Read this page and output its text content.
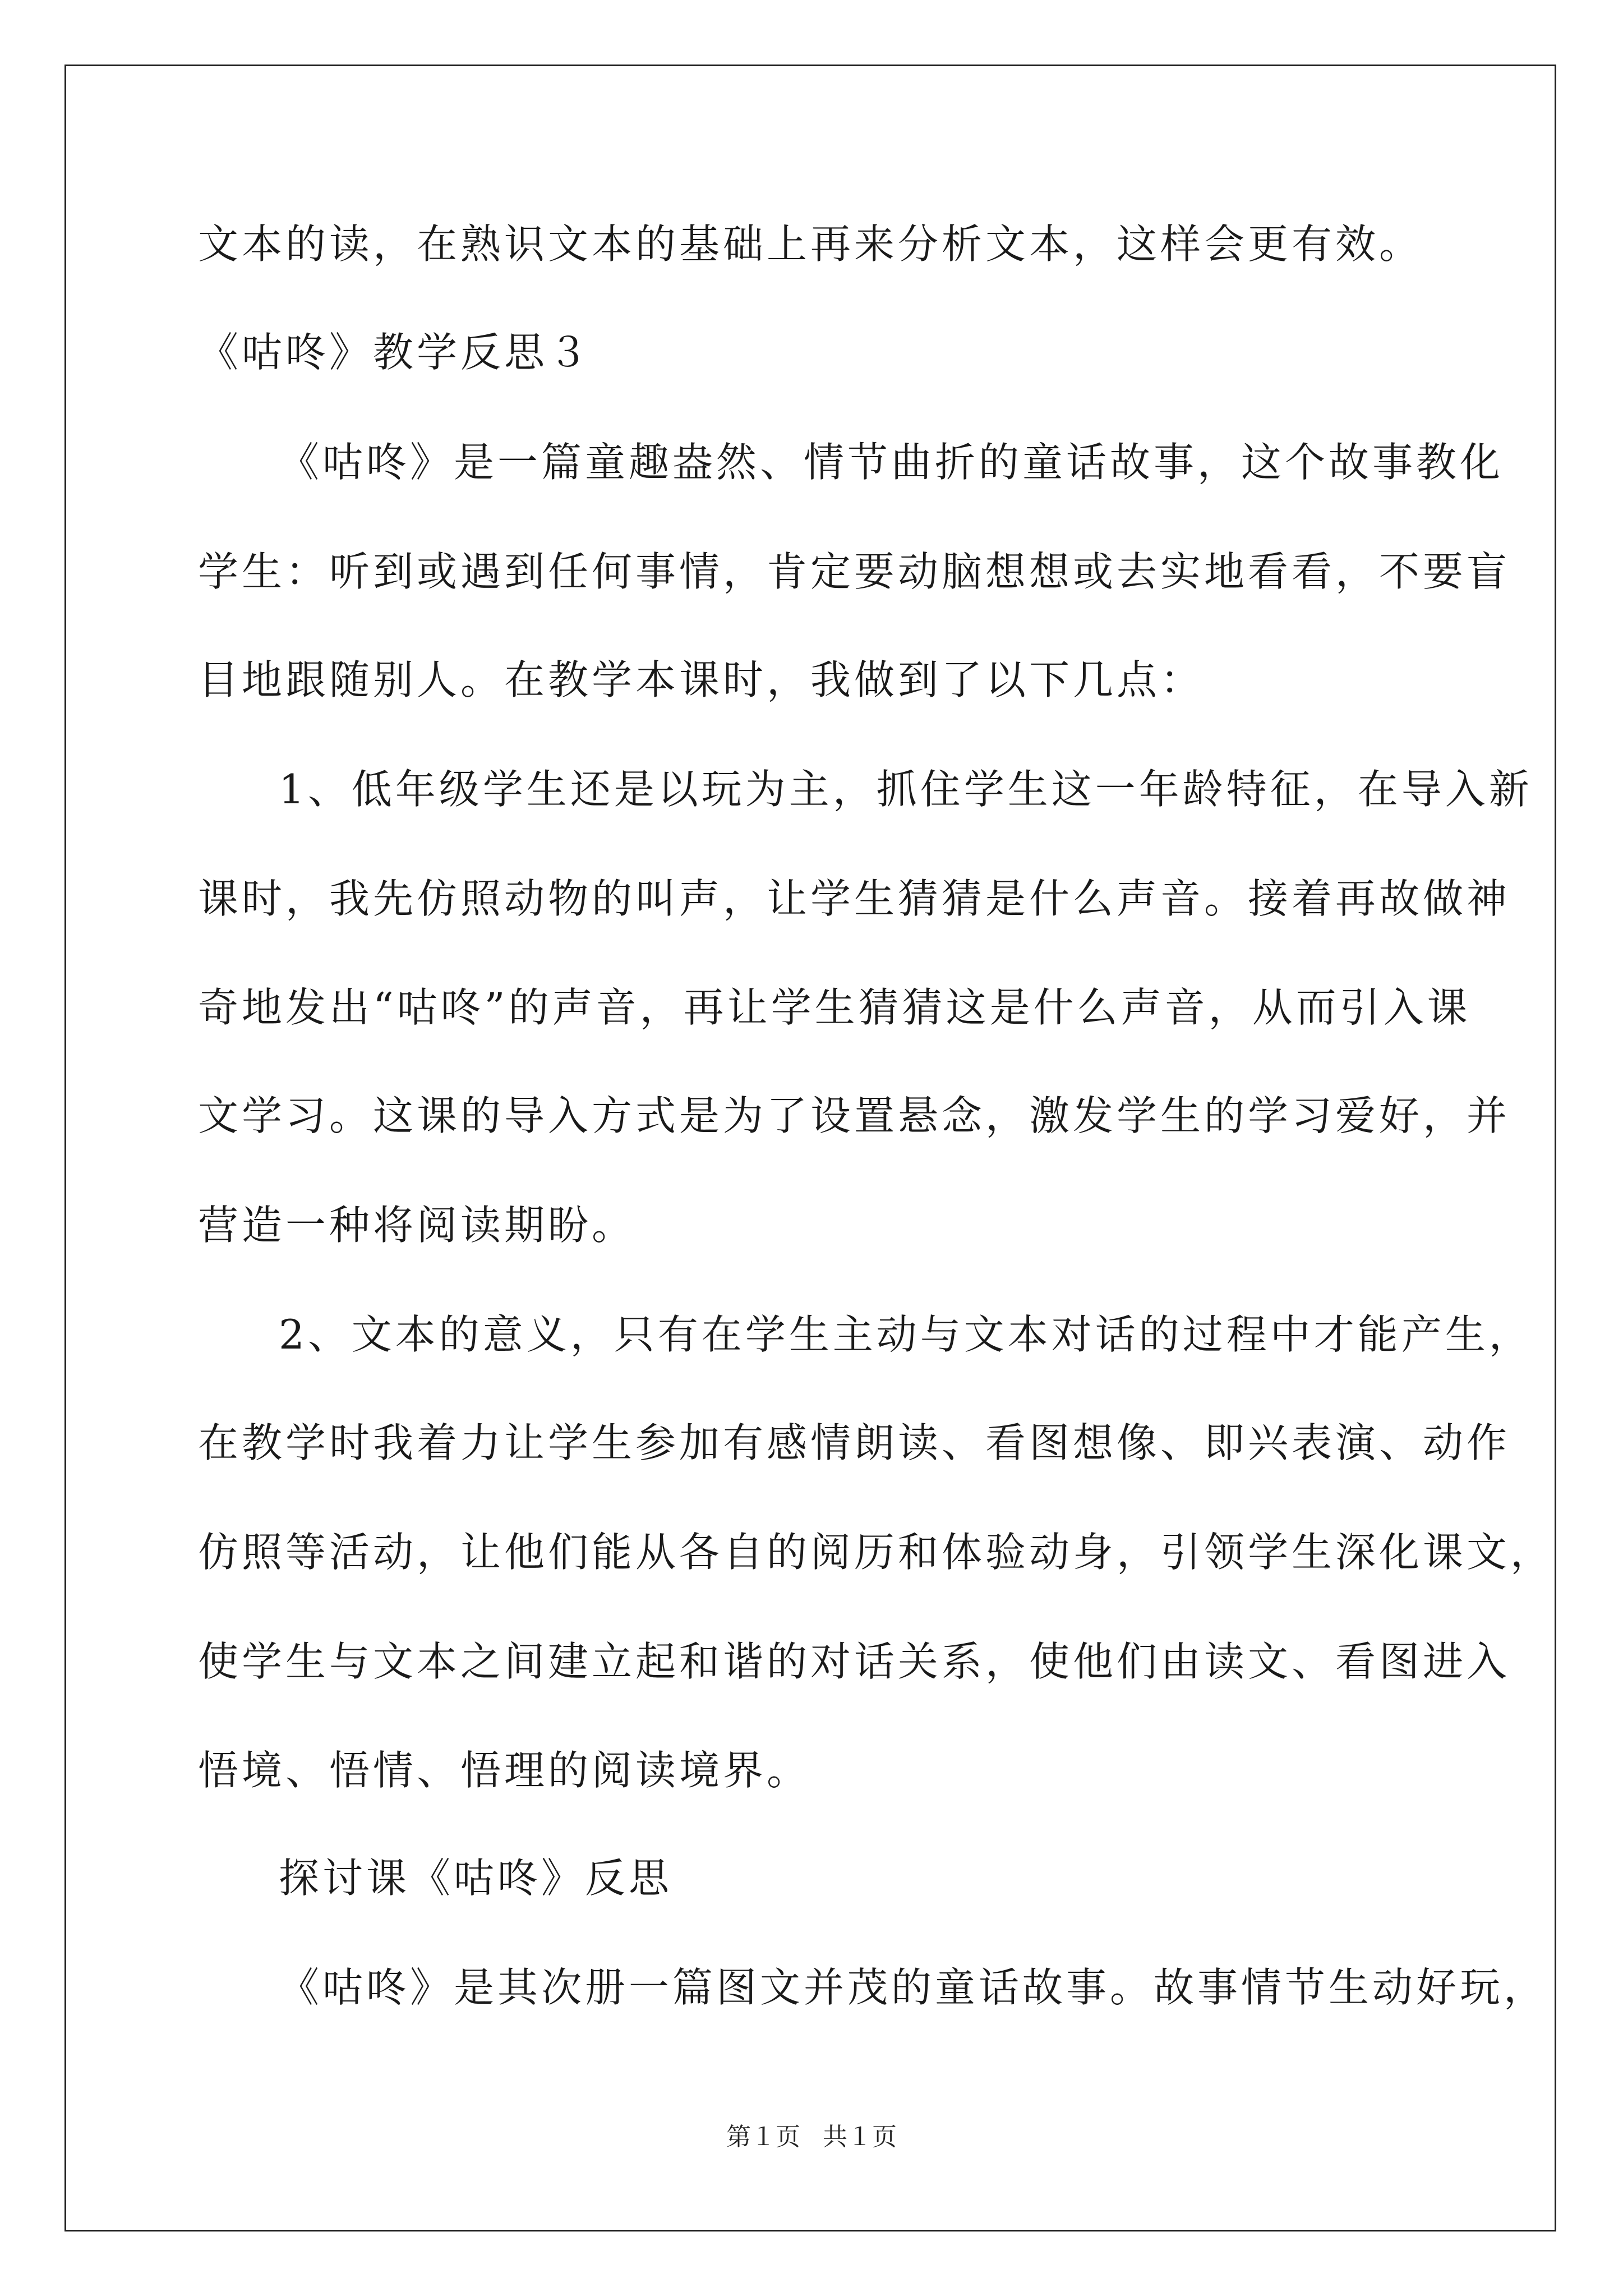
文本的读，在熟识文本的基础上再来分析文本，这样会更有效。
《咕咚》教学反思３
《咕咚》是一篇童趣盎然、情节曲折的童话故事，这个故事教化
学生：听到或遇到任何事情，肯定要动脑想想或去实地看看，不要盲
目地跟随别人。在教学本课时，我做到了以下几点：
1、低年级学生还是以玩为主，抓住学生这一年龄特征，在导入新
课时，我先仿照动物的叫声，让学生猜猜是什么声音。接着再故做神
奇地发出“咕咚”的声音，再让学生猜猜这是什么声音，从而引入课
文学习。这课的导入方式是为了设置悬念，激发学生的学习爱好，并
营造一种将阅读期盼。
2、文本的意义，只有在学生主动与文本对话的过程中才能产生，
在教学时我着力让学生参加有感情朗读、看图想像、即兴表演、动作
仿照等活动，让他们能从各自的阅历和体验动身，引领学生深化课文，
使学生与文本之间建立起和谐的对话关系，使他们由读文、看图进入
悟境、悟情、悟理的阅读境界。
探讨课《咕咚》反思
《咕咚》是其次册一篇图文并茂的童话故事。故事情节生动好玩，
第１页 共１页
